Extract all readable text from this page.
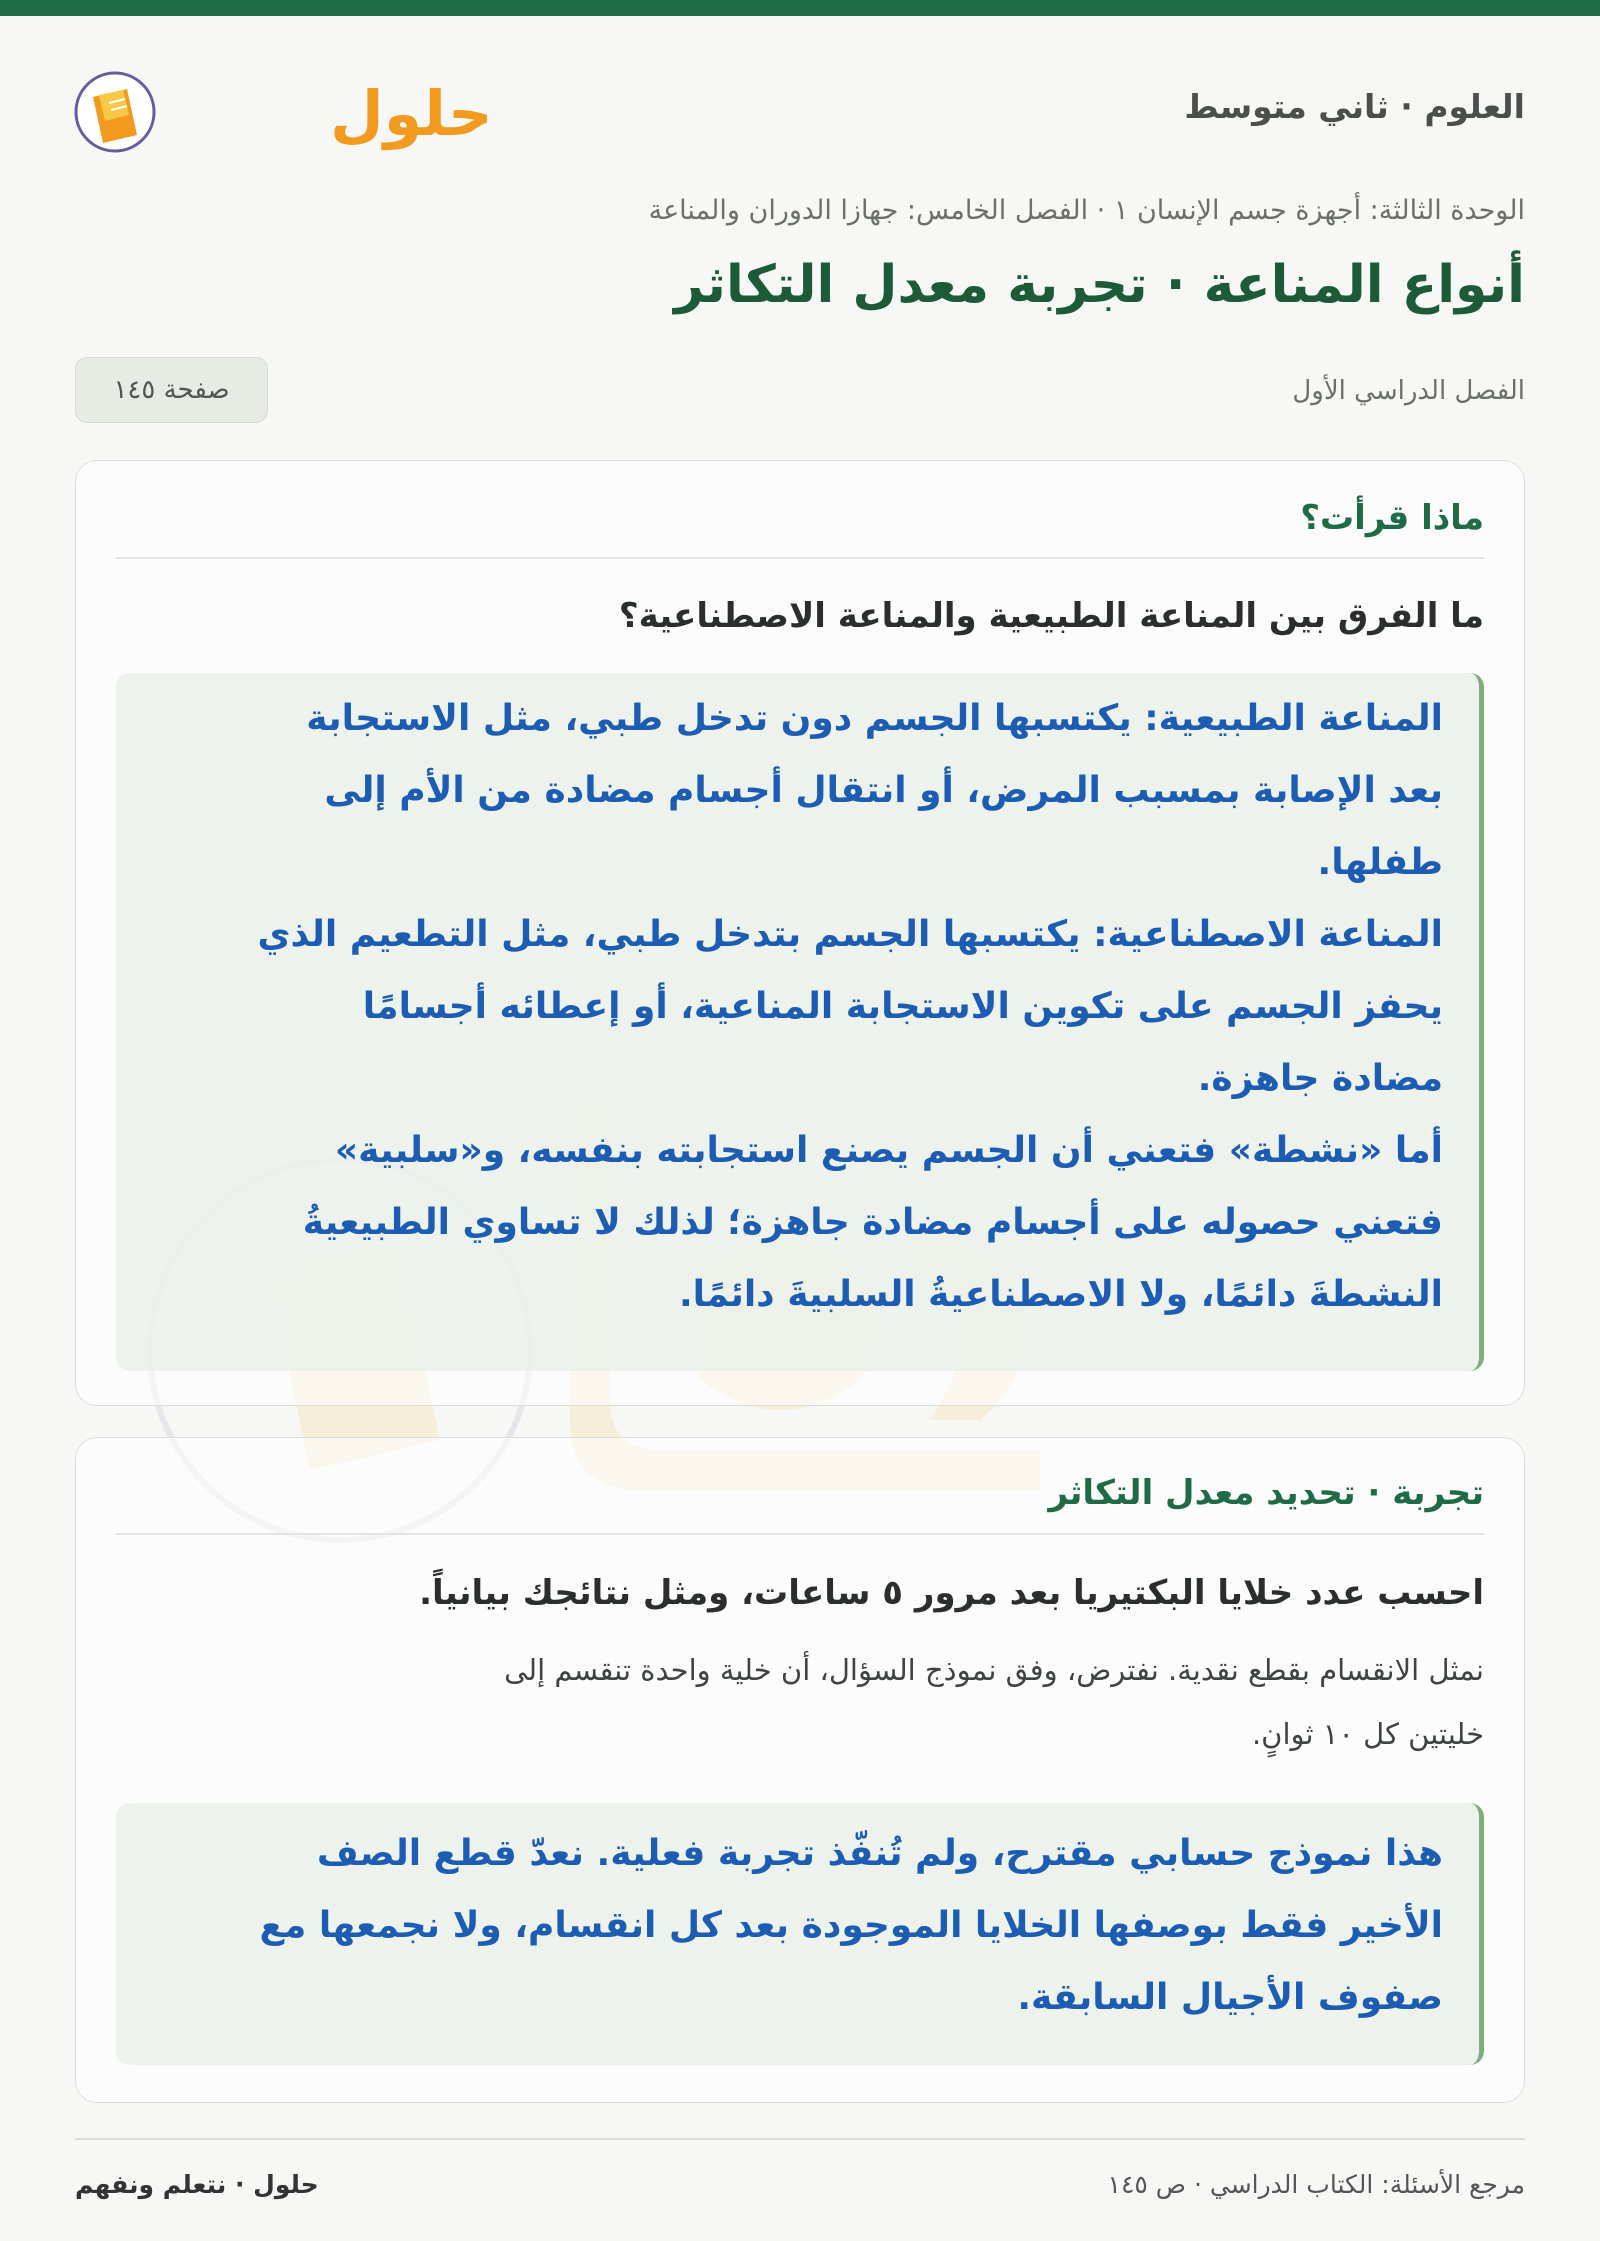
العلوم · ثاني متوسط
حلول
الوحدة الثالثة: أجهزة جسم الإنسان ١ · الفصل الخامس: جهازا الدوران والمناعة
أنواع المناعة · تجربة معدل التكاثر
الفصل الدراسي الأول
صفحة ١٤٥
ماذا قرأت؟
ما الفرق بين المناعة الطبيعية والمناعة الاصطناعية؟

المناعة الطبيعية: يكتسبها الجسم دون تدخل طبي، مثل الاستجابة

بعد الإصابة بمسبب المرض، أو انتقال أجسام مضادة من الأم إلى

طفلها.

المناعة الاصطناعية: يكتسبها الجسم بتدخل طبي، مثل التطعيم الذي

يحفز الجسم على تكوين الاستجابة المناعية، أو إعطائه أجسامًا

مضادة جاهزة.

أما «نشطة» فتعني أن الجسم يصنع استجابته بنفسه، و«سلبية»

فتعني حصوله على أجسام مضادة جاهزة؛ لذلك لا تساوي الطبيعيةُ

النشطةَ دائمًا، ولا الاصطناعيةُ السلبيةَ دائمًا.

تجربة · تحديد معدل التكاثر
احسب عدد خلايا البكتيريا بعد مرور ٥ ساعات، ومثل نتائجك بيانياً.
نمثل الانقسام بقطع نقدية. نفترض، وفق نموذج السؤال، أن خلية واحدة تنقسم إلى
خليتين كل ١٠ ثوانٍ.

هذا نموذج حسابي مقترح، ولم تُنفّذ تجربة فعلية. نعدّ قطع الصف

الأخير فقط بوصفها الخلايا الموجودة بعد كل انقسام، ولا نجمعها مع

صفوف الأجيال السابقة.

مرجع الأسئلة: الكتاب الدراسي · ص ١٤٥
حلول · نتعلم ونفهم
